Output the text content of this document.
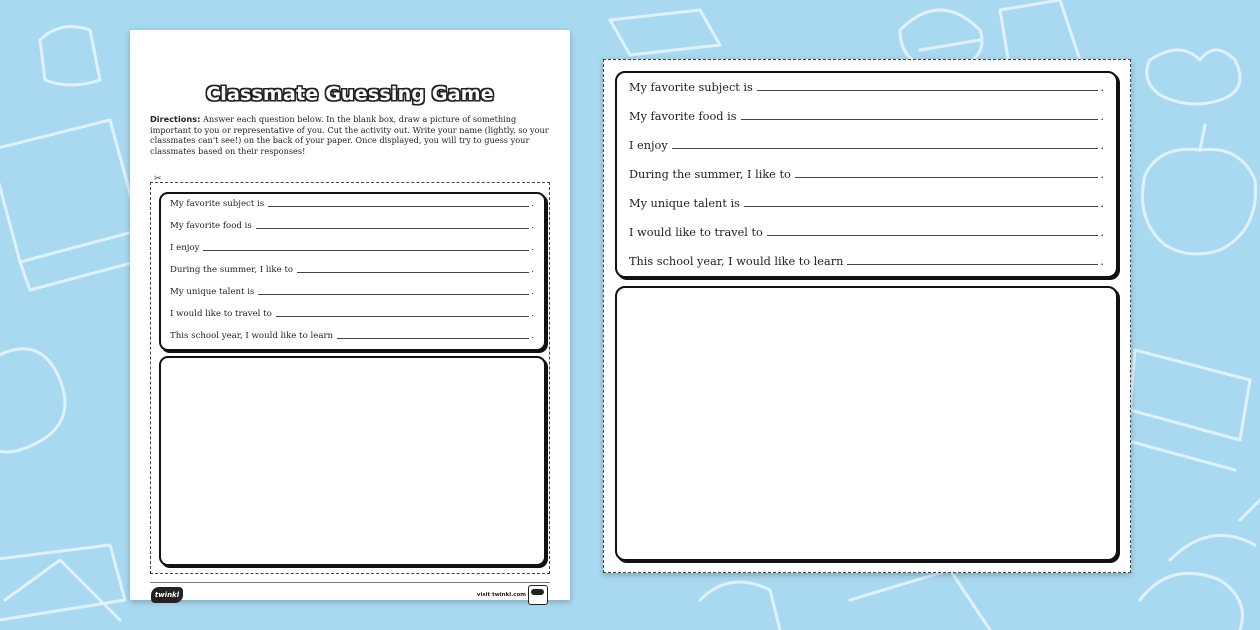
Classmate Guessing Game
Directions: Answer each question below. In the blank box, draw a picture of something important to you or representative of you. Cut the activity out. Write your name (lightly, so your classmates can't see!) on the back of your paper. Once displayed, you will try to guess your classmates based on their responses!
✂
My favorite subject is	.
My favorite food is	.
I enjoy	.
During the summer, I like to	.
My unique talent is	.
I would like to travel to	.
This school year, I would like to learn	.
twinkl	visit twinkl.com
My favorite subject is	.
My favorite food is	.
I enjoy	.
During the summer, I like to	.
My unique talent is	.
I would like to travel to	.
This school year, I would like to learn	.
